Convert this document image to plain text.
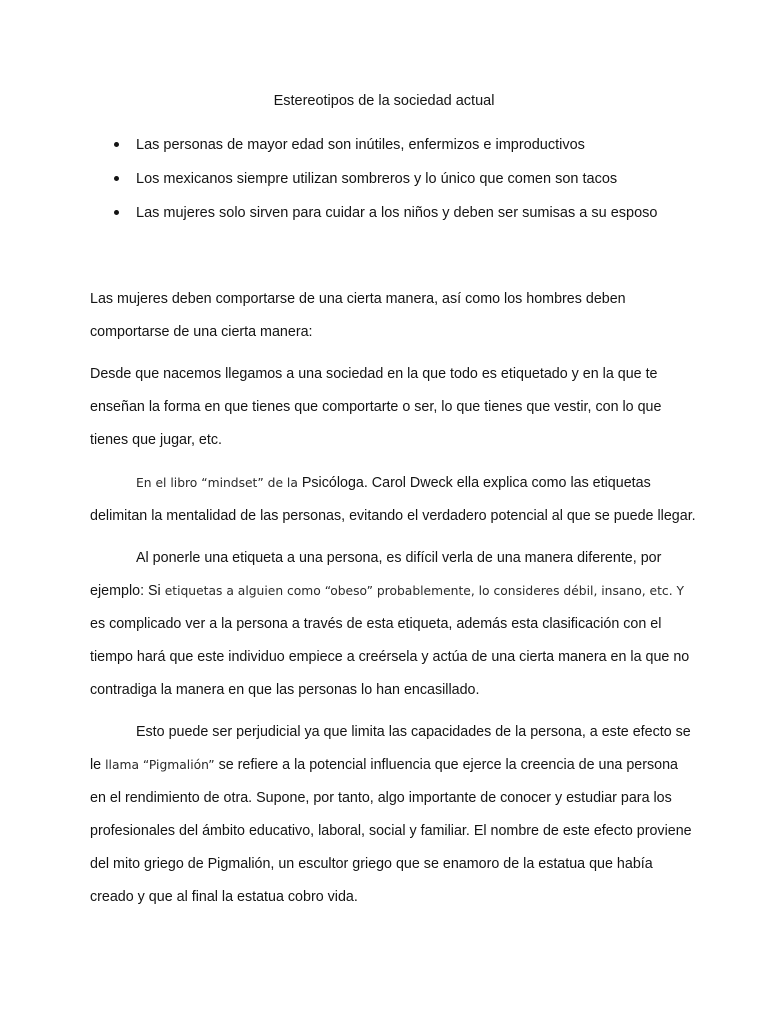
Estereotipos de la sociedad actual
Las personas de mayor edad son inútiles, enfermizos e improductivos
Los mexicanos siempre utilizan sombreros y lo único que comen son tacos
Las mujeres solo sirven para cuidar a los niños y deben ser sumisas a su esposo

Las mujeres deben comportarse de una cierta manera, así como los hombres deben
comportarse de una cierta manera:

Desde que nacemos llegamos a una sociedad en la que todo es etiquetado y en la que te
enseñan la forma en que tienes que comportarte o ser, lo que tienes que vestir, con lo que
tienes que jugar, etc.

En el libro “mindset” de la Psicóloga. Carol Dweck ella explica como las etiquetas
delimitan la mentalidad de las personas, evitando el verdadero potencial al que se puede llegar.

Al ponerle una etiqueta a una persona, es difícil verla de una manera diferente, por
ejemplo: Si etiquetas a alguien como “obeso” probablemente, lo consideres débil, insano, etc. Y
es complicado ver a la persona a través de esta etiqueta, además esta clasificación con el
tiempo hará que este individuo empiece a creérsela y actúa de una cierta manera en la que no
contradiga la manera en que las personas lo han encasillado.

Esto puede ser perjudicial ya que limita las capacidades de la persona, a este efecto se
le llama “Pigmalión” se refiere a la potencial influencia que ejerce la creencia de una persona
en el rendimiento de otra. Supone, por tanto, algo importante de conocer y estudiar para los
profesionales del ámbito educativo, laboral, social y familiar. El nombre de este efecto proviene
del mito griego de Pigmalión, un escultor griego que se enamoro de la estatua que había
creado y que al final la estatua cobro vida.
